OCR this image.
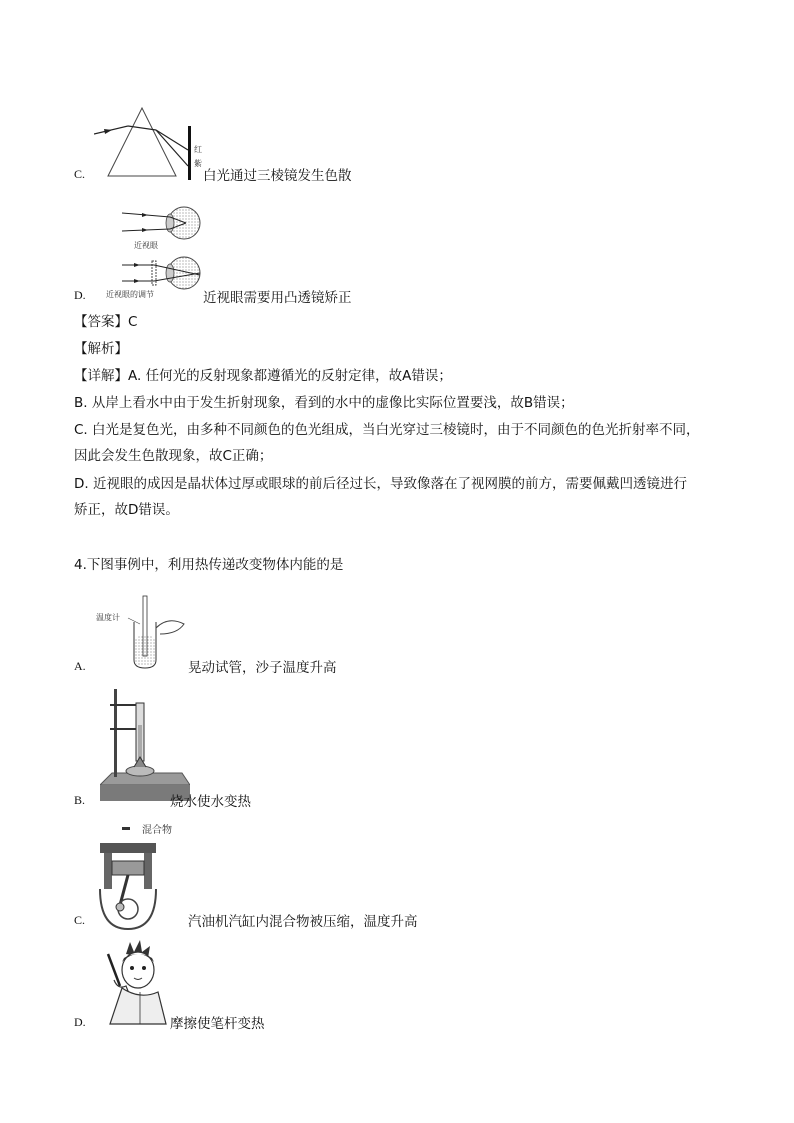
红
紫
C.	白光通过三棱镜发生色散
近视眼
近视眼的调节
D.	近视眼需要用凸透镜矫正
【答案】C
【解析】
【详解】A. 任何光的反射现象都遵循光的反射定律，故A错误；
B. 从岸上看水中由于发生折射现象，看到的水中的虚像比实际位置要浅，故B错误；
C. 白光是复色光，由多种不同颜色的色光组成，当白光穿过三棱镜时，由于不同颜色的色光折射率不同，
因此会发生色散现象，故C正确；
D. 近视眼的成因是晶状体过厚或眼球的前后径过长，导致像落在了视网膜的前方，需要佩戴凹透镜进行
矫正，故D错误。
4.下图事例中，利用热传递改变物体内能的是
温度计
A.	晃动试管，沙子温度升高
B.	烧水使水变热
混合物
C.	汽油机汽缸内混合物被压缩，温度升高
D.	摩擦使笔杆变热
